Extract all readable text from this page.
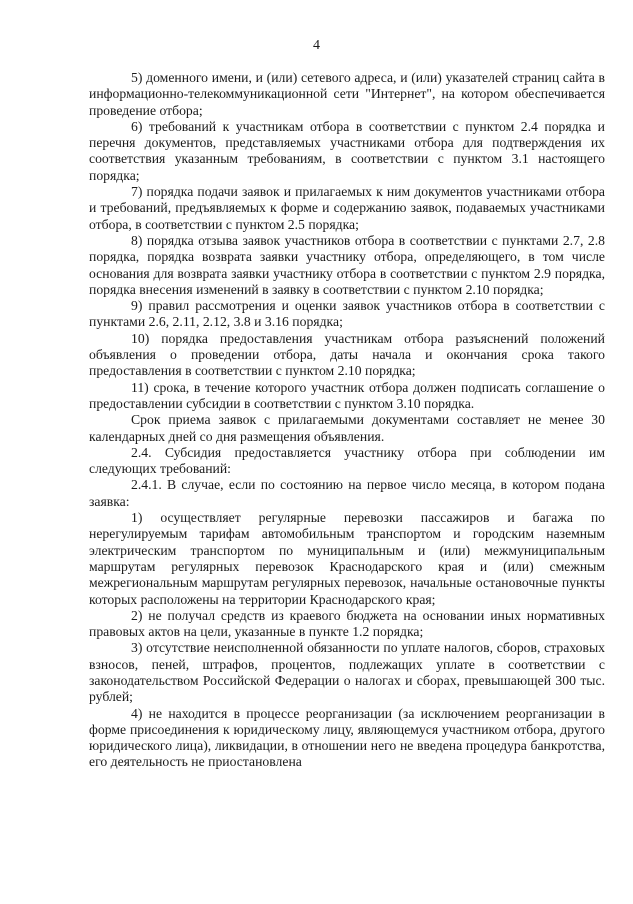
4

5) доменного имени, и (или) сетевого адреса, и (или) указателей страниц сайта в информационно-телекоммуникационной сети "Интернет", на котором обеспечивается проведение отбора;

6) требований к участникам отбора в соответствии с пунктом 2.4 порядка и перечня документов, представляемых участниками отбора для подтверждения их соответствия указанным требованиям, в соответствии с пунктом 3.1 настоящего порядка;

7) порядка подачи заявок и прилагаемых к ним документов участниками отбора и требований, предъявляемых к форме и содержанию заявок, подаваемых участниками отбора, в соответствии с пунктом 2.5 порядка;

8) порядка отзыва заявок участников отбора в соответствии с пунктами 2.7, 2.8 порядка, порядка возврата заявки участнику отбора, определяющего, в том числе основания для возврата заявки участнику отбора в соответствии с пунктом 2.9 порядка, порядка внесения изменений в заявку в соответствии с пунктом 2.10 порядка;

9) правил рассмотрения и оценки заявок участников отбора в соответствии с пунктами 2.6, 2.11, 2.12, 3.8 и 3.16 порядка;

10) порядка предоставления участникам отбора разъяснений положений объявления о проведении отбора, даты начала и окончания срока такого предоставления в соответствии с пунктом 2.10 порядка;

11) срока, в течение которого участник отбора должен подписать соглашение о предоставлении субсидии в соответствии с пунктом 3.10 порядка.

Срок приема заявок с прилагаемыми документами составляет не менее 30 календарных дней со дня размещения объявления.

2.4. Субсидия предоставляется участнику отбора при соблюдении им следующих требований:

2.4.1. В случае, если по состоянию на первое число месяца, в котором подана заявка:

1) осуществляет регулярные перевозки пассажиров и багажа по нерегулируемым тарифам автомобильным транспортом и городским наземным электрическим транспортом по муниципальным и (или) межмуниципальным маршрутам регулярных перевозок Краснодарского края и (или) смежным межрегиональным маршрутам регулярных перевозок, начальные остановочные пункты которых расположены на территории Краснодарского края;

2) не получал средств из краевого бюджета на основании иных нормативных правовых актов на цели, указанные в пункте 1.2 порядка;

3) отсутствие неисполненной обязанности по уплате налогов, сборов, страховых взносов, пеней, штрафов, процентов, подлежащих уплате в соответствии с законодательством Российской Федерации о налогах и сборах, превышающей 300 тыс. рублей;

4) не находится в процессе реорганизации (за исключением реорганизации в форме присоединения к юридическому лицу, являющемуся участником отбора, другого юридического лица), ликвидации, в отношении него не введена процедура банкротства, его деятельность не приостановлена
